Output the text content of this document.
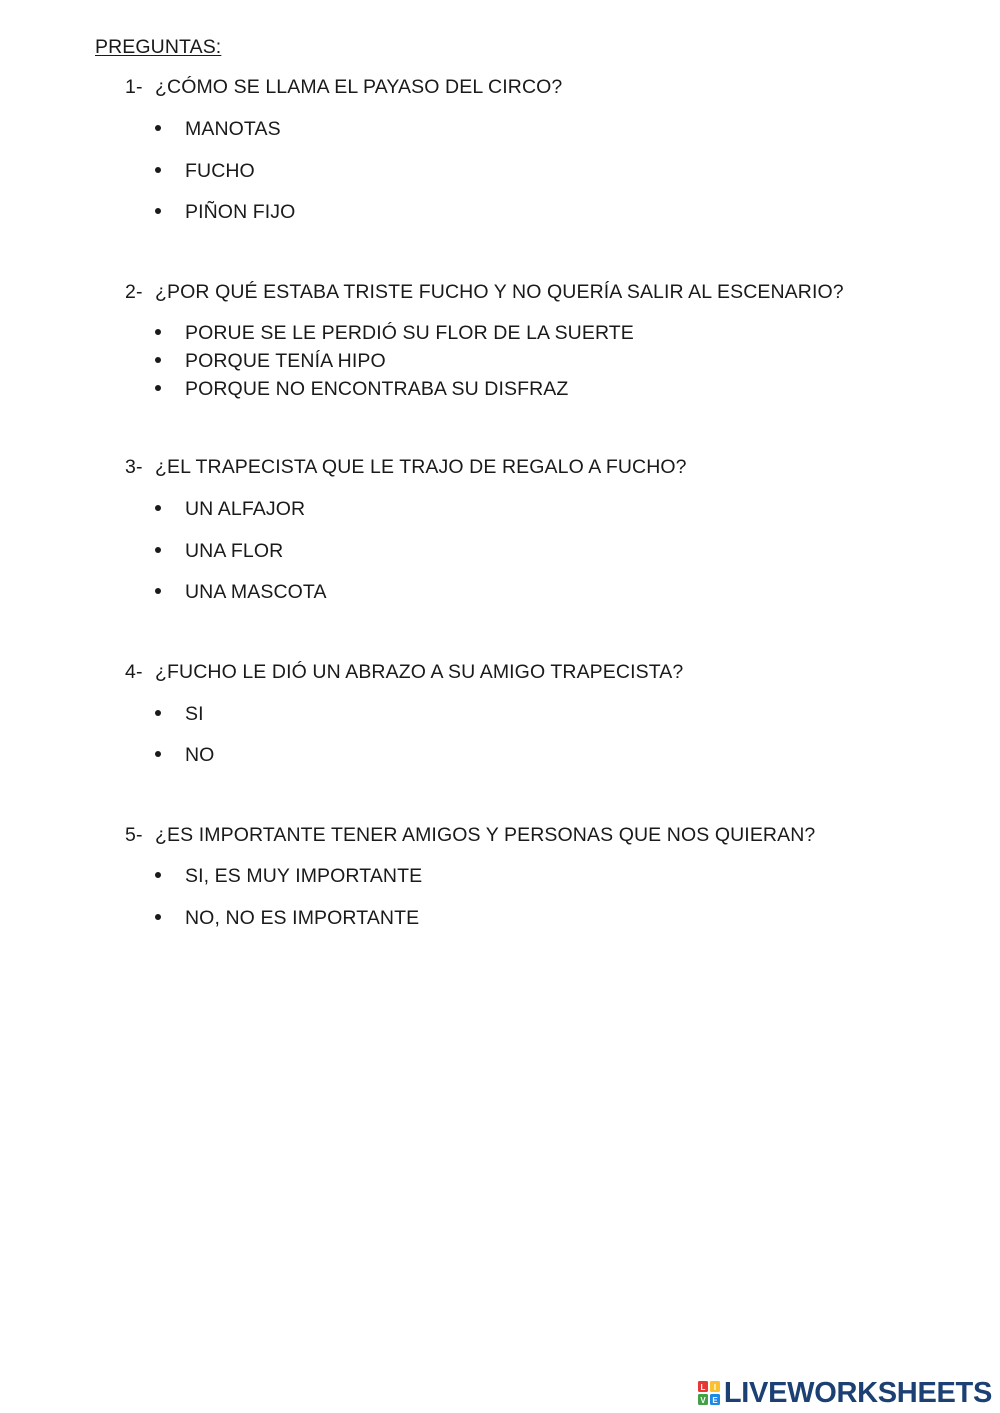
PREGUNTAS:
1- ¿CÓMO SE LLAMA EL PAYASO DEL CIRCO?
MANOTAS
FUCHO
PIÑON FIJO
2- ¿POR QUÉ ESTABA TRISTE FUCHO Y NO QUERÍA SALIR AL ESCENARIO?
PORUE SE LE PERDIÓ SU FLOR DE LA SUERTE
PORQUE TENÍA HIPO
PORQUE NO ENCONTRABA SU DISFRAZ
3- ¿EL TRAPECISTA QUE LE TRAJO DE REGALO A FUCHO?
UN ALFAJOR
UNA FLOR
UNA MASCOTA
4- ¿FUCHO LE DIÓ UN ABRAZO A SU AMIGO TRAPECISTA?
SI
NO
5- ¿ES IMPORTANTE TENER AMIGOS Y PERSONAS QUE NOS QUIERAN?
SI, ES MUY IMPORTANTE
NO, NO ES IMPORTANTE
L I
V E LIVEWORKSHEETS
